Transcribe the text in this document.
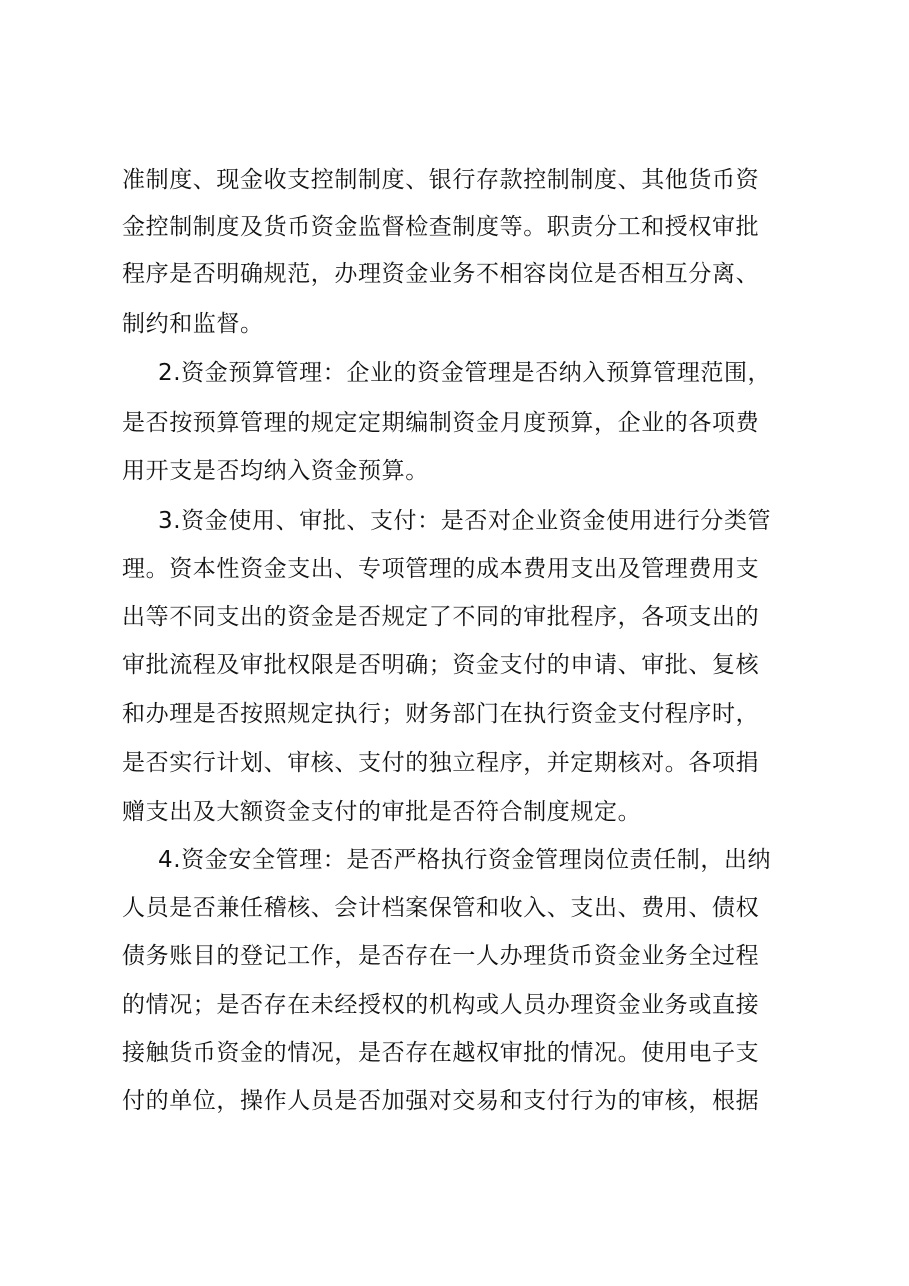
准制度、现金收支控制制度、银行存款控制制度、其他货币资
金控制制度及货币资金监督检查制度等。职责分工和授权审批
程序是否明确规范，办理资金业务不相容岗位是否相互分离、
制约和监督。
2.资金预算管理：企业的资金管理是否纳入预算管理范围，
是否按预算管理的规定定期编制资金月度预算，企业的各项费
用开支是否均纳入资金预算。
3.资金使用、审批、支付：是否对企业资金使用进行分类管
理。资本性资金支出、专项管理的成本费用支出及管理费用支
出等不同支出的资金是否规定了不同的审批程序，各项支出的
审批流程及审批权限是否明确；资金支付的申请、审批、复核
和办理是否按照规定执行；财务部门在执行资金支付程序时，
是否实行计划、审核、支付的独立程序，并定期核对。各项捐
赠支出及大额资金支付的审批是否符合制度规定。
4.资金安全管理：是否严格执行资金管理岗位责任制，出纳
人员是否兼任稽核、会计档案保管和收入、支出、费用、债权
债务账目的登记工作，是否存在一人办理货币资金业务全过程
的情况；是否存在未经授权的机构或人员办理资金业务或直接
接触货币资金的情况，是否存在越权审批的情况。使用电子支
付的单位，操作人员是否加强对交易和支付行为的审核，根据
